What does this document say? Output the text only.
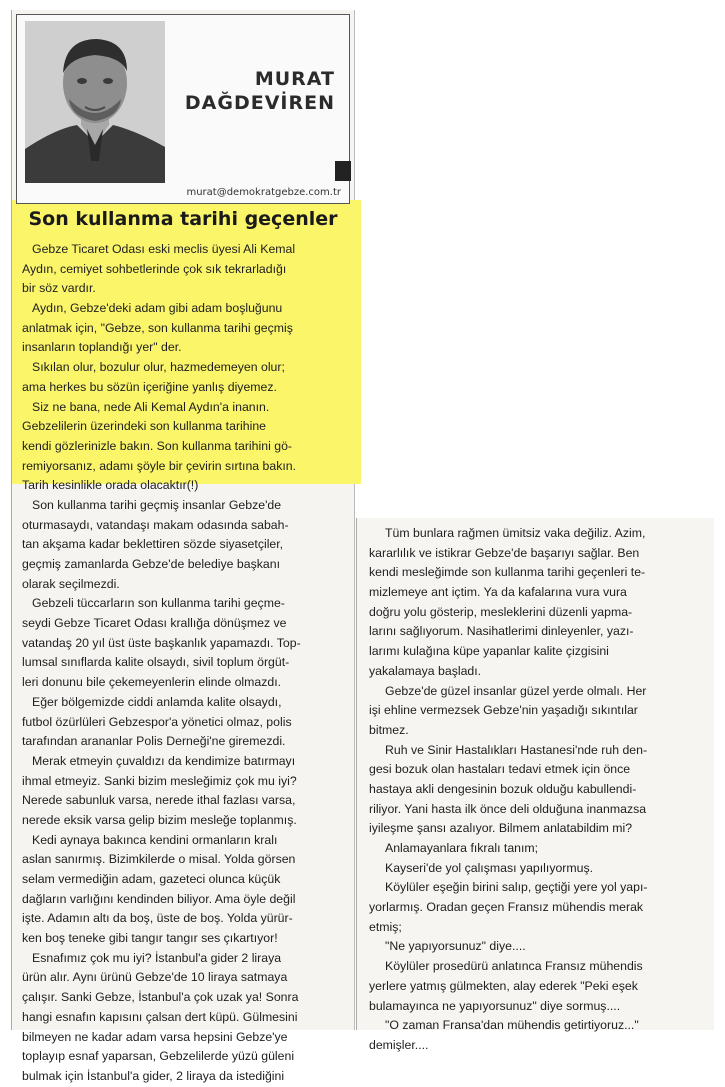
MURAT
DAĞDEVİREN
murat@demokratgebze.com.tr
Son kullanma tarihi geçenler
Gebze Ticaret Odası eski meclis üyesi Ali Kemal
Aydın, cemiyet sohbetlerinde çok sık tekrarladığı
bir söz vardır.
Aydın, Gebze'deki adam gibi adam boşluğunu
anlatmak için, "Gebze, son kullanma tarihi geçmiş
insanların toplandığı yer" der.
Sıkılan olur, bozulur olur, hazmedemeyen olur;
ama herkes bu sözün içeriğine yanlış diyemez.
Siz ne bana, nede Ali Kemal Aydın'a inanın.
Gebzelilerin üzerindeki son kullanma tarihine
kendi gözlerinizle bakın. Son kullanma tarihini gö-
remiyorsanız, adamı şöyle bir çevirin sırtına bakın.
Tarih kesinlikle orada olacaktır(!)
Son kullanma tarihi geçmiş insanlar Gebze'de
oturmasaydı, vatandaşı makam odasında sabah-
tan akşama kadar beklettiren sözde siyasetçiler,
geçmiş zamanlarda Gebze'de belediye başkanı
olarak seçilmezdi.
Gebzeli tüccarların son kullanma tarihi geçme-
seydi Gebze Ticaret Odası krallığa dönüşmez ve
vatandaş 20 yıl üst üste başkanlık yapamazdı. Top-
lumsal sınıflarda kalite olsaydı, sivil toplum örgüt-
leri donunu bile çekemeyenlerin elinde olmazdı.
Eğer bölgemizde ciddi anlamda kalite olsaydı,
futbol özürlüleri Gebzespor'a yönetici olmaz, polis
tarafından arananlar Polis Derneği'ne giremezdi.
Merak etmeyin çuvaldızı da kendimize batırmayı
ihmal etmeyiz. Sanki bizim mesleğimiz çok mu iyi?
Nerede sabunluk varsa, nerede ithal fazlası varsa,
nerede eksik varsa gelip bizim mesleğe toplanmış.
Kedi aynaya bakınca kendini ormanların kralı
aslan sanırmış. Bizimkilerde o misal. Yolda görsen
selam vermediğin adam, gazeteci olunca küçük
dağların varlığını kendinden biliyor. Ama öyle değil
işte. Adamın altı da boş, üste de boş. Yolda yürür-
ken boş teneke gibi tangır tangır ses çıkartıyor!
Esnafımız çok mu iyi? İstanbul'a gider 2 liraya
ürün alır. Aynı ürünü Gebze'de 10 liraya satmaya
çalışır. Sanki Gebze, İstanbul'a çok uzak ya! Sonra
hangi esnafın kapısını çalsan dert küpü. Gülmesini
bilmeyen ne kadar adam varsa hepsini Gebze'ye
toplayıp esnaf yaparsan, Gebzelilerde yüzü güleni
bulmak için İstanbul'a gider, 2 liraya da istediğini
Tüm bunlara rağmen ümitsiz vaka değiliz. Azim,
kararlılık ve istikrar Gebze'de başarıyı sağlar. Ben
kendi mesleğimde son kullanma tarihi geçenleri te-
mizlemeye ant içtim. Ya da kafalarına vura vura
doğru yolu gösterip, mesleklerini düzenli yapma-
larını sağlıyorum. Nasihatlerimi dinleyenler, yazı-
larımı kulağına küpe yapanlar kalite çizgisini
yakalamaya başladı.
Gebze'de güzel insanlar güzel yerde olmalı. Her
işi ehline vermezsek Gebze'nin yaşadığı sıkıntılar
bitmez.
Ruh ve Sinir Hastalıkları Hastanesi'nde ruh den-
gesi bozuk olan hastaları tedavi etmek için önce
hastaya akli dengesinin bozuk olduğu kabullendi-
riliyor. Yani hasta ilk önce deli olduğuna inanmazsa
iyileşme şansı azalıyor. Bilmem anlatabildim mi?
Anlamayanlara fıkralı tanım;
Kayseri'de yol çalışması yapılıyormuş.
Köylüler eşeğin birini salıp, geçtiği yere yol yapı-
yorlarmış. Oradan geçen Fransız mühendis merak
etmiş;
"Ne yapıyorsunuz" diye....
Köylüler prosedürü anlatınca Fransız mühendis
yerlere yatmış gülmekten, alay ederek "Peki eşek
bulamayınca ne yapıyorsunuz" diye sormuş....
"O zaman Fransa'dan mühendis getirtiyoruz..."
demişler....
